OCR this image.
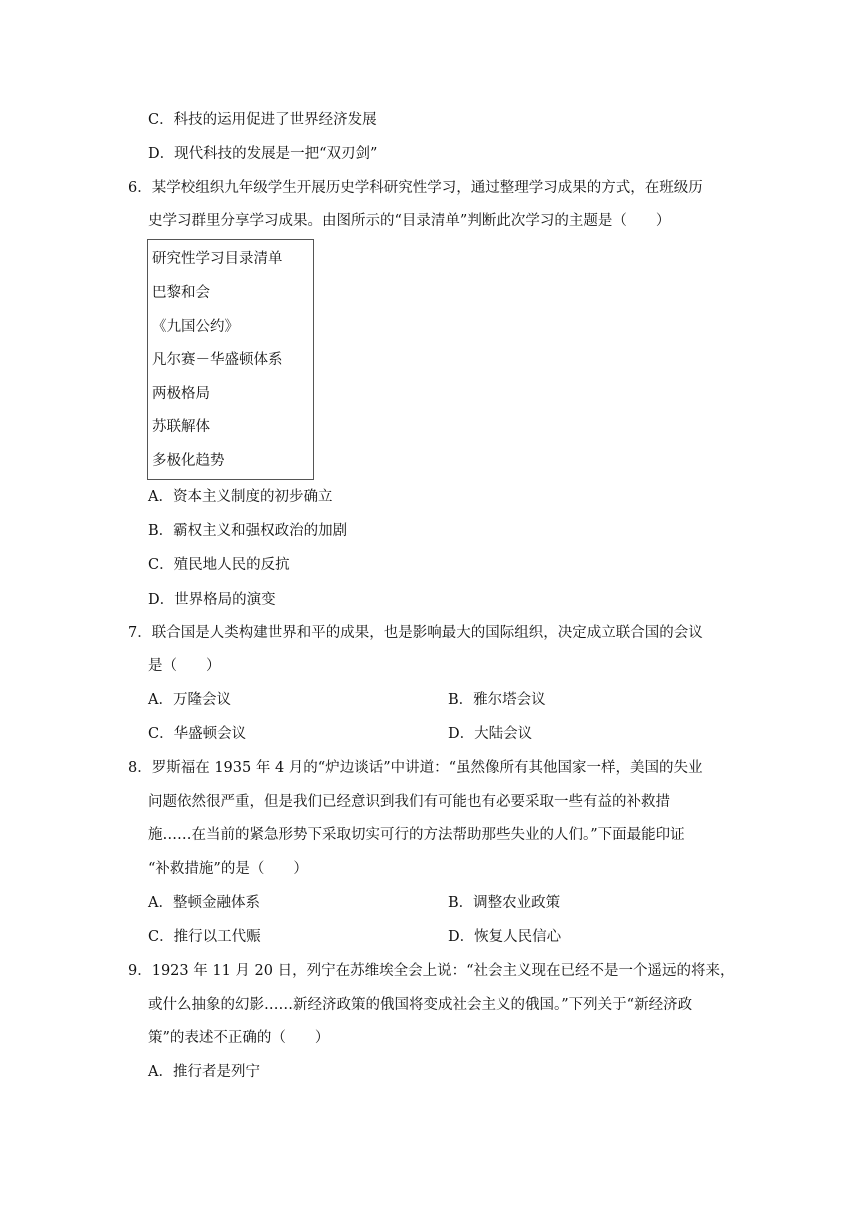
C．科技的运用促进了世界经济发展
D．现代科技的发展是一把“双刃剑”
6．某学校组织九年级学生开展历史学科研究性学习，通过整理学习成果的方式，在班级历
史学习群里分享学习成果。由图所示的“目录清单”判断此次学习的主题是（　　）
研究性学习目录清单
巴黎和会
《九国公约》
凡尔赛－华盛顿体系
两极格局
苏联解体
多极化趋势
A．资本主义制度的初步确立
B．霸权主义和强权政治的加剧
C．殖民地人民的反抗
D．世界格局的演变
7．联合国是人类构建世界和平的成果，也是影响最大的国际组织，决定成立联合国的会议
是（　　）
A．万隆会议	B．雅尔塔会议
C．华盛顿会议	D．大陆会议
8．罗斯福在 1935 年 4 月的“炉边谈话”中讲道：“虽然像所有其他国家一样，美国的失业
问题依然很严重，但是我们已经意识到我们有可能也有必要采取一些有益的补救措
施……在当前的紧急形势下采取切实可行的方法帮助那些失业的人们。”下面最能印证
“补救措施”的是（　　）
A．整顿金融体系	B．调整农业政策
C．推行以工代赈	D．恢复人民信心
9．1923 年 11 月 20 日，列宁在苏维埃全会上说：“社会主义现在已经不是一个遥远的将来，
或什么抽象的幻影……新经济政策的俄国将变成社会主义的俄国。”下列关于“新经济政
策”的表述不正确的（　　）
A．推行者是列宁
